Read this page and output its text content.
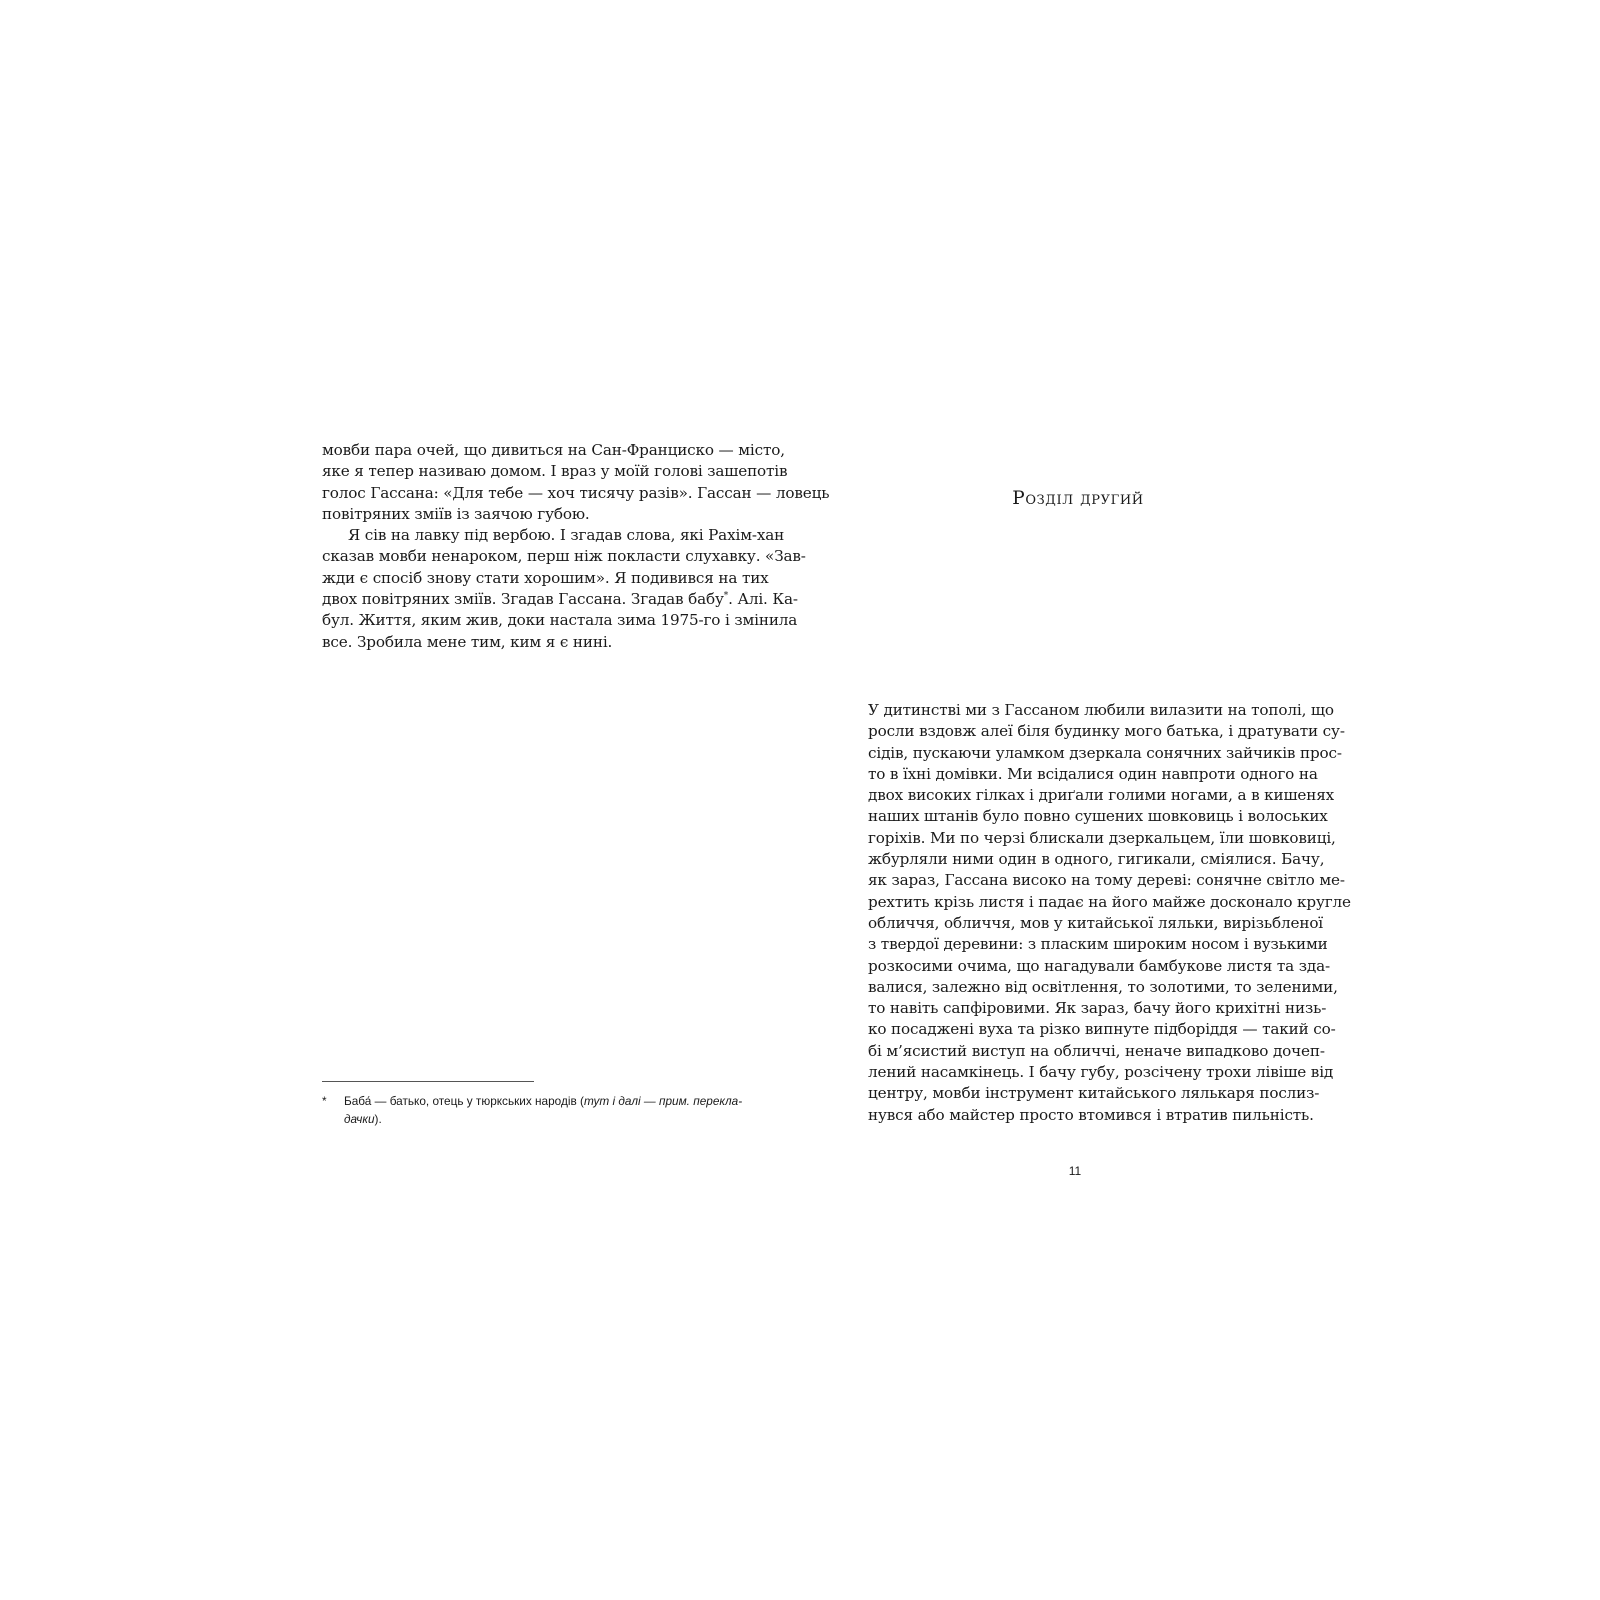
мовби пара очей, що дивиться на Сан-Франциско — місто,
яке я тепер називаю домом. І враз у моїй голові зашепотів
голос Гассана: «Для тебе — хоч тисячу разів». Гассан — ловець
повітряних зміїв із заячою губою.
Я сів на лавку під вербою. І згадав слова, які Рахім-хан
сказав мовби ненароком, перш ніж покласти слухавку. «Зав-
жди є спосіб знову стати хорошим». Я подивився на тих
двох повітряних зміїв. Згадав Гассана. Згадав бабу*. Алі. Ка-
бул. Життя, яким жив, доки настала зима 1975-го і змінила
все. Зробила мене тим, ким я є нині.
* Баба́ — батько, отець у тюркських народів (тут і далі — прим. перекла-
дачки).
Розділ другий
У дитинстві ми з Гассаном любили вилазити на тополі, що
росли вздовж алеї біля будинку мого батька, і дратувати су-
сідів, пускаючи уламком дзеркала сонячних зайчиків прос-
то в їхні домівки. Ми всідалися один навпроти одного на
двох високих гілках і дриґали голими ногами, а в кишенях
наших штанів було повно сушених шовковиць і волоських
горіхів. Ми по черзі блискали дзеркальцем, їли шовковиці,
жбурляли ними один в одного, гигикали, сміялися. Бачу,
як зараз, Гассана високо на тому дереві: сонячне світло ме-
рехтить крізь листя і падає на його майже досконало кругле
обличчя, обличчя, мов у китайської ляльки, вирізьбленої
з твердої деревини: з пласким широким носом і вузькими
розкосими очима, що нагадували бамбукове листя та зда-
валися, залежно від освітлення, то золотими, то зеленими,
то навіть сапфіровими. Як зараз, бачу його крихітні низь-
ко посаджені вуха та різко випнуте підборіддя — такий со-
бі м’ясистий виступ на обличчі, неначе випадково дочеп-
лений насамкінець. І бачу губу, розсічену трохи лівіше від
центру, мовби інструмент китайського лялькаря послиз-
нувся або майстер просто втомився і втратив пильність.
11
